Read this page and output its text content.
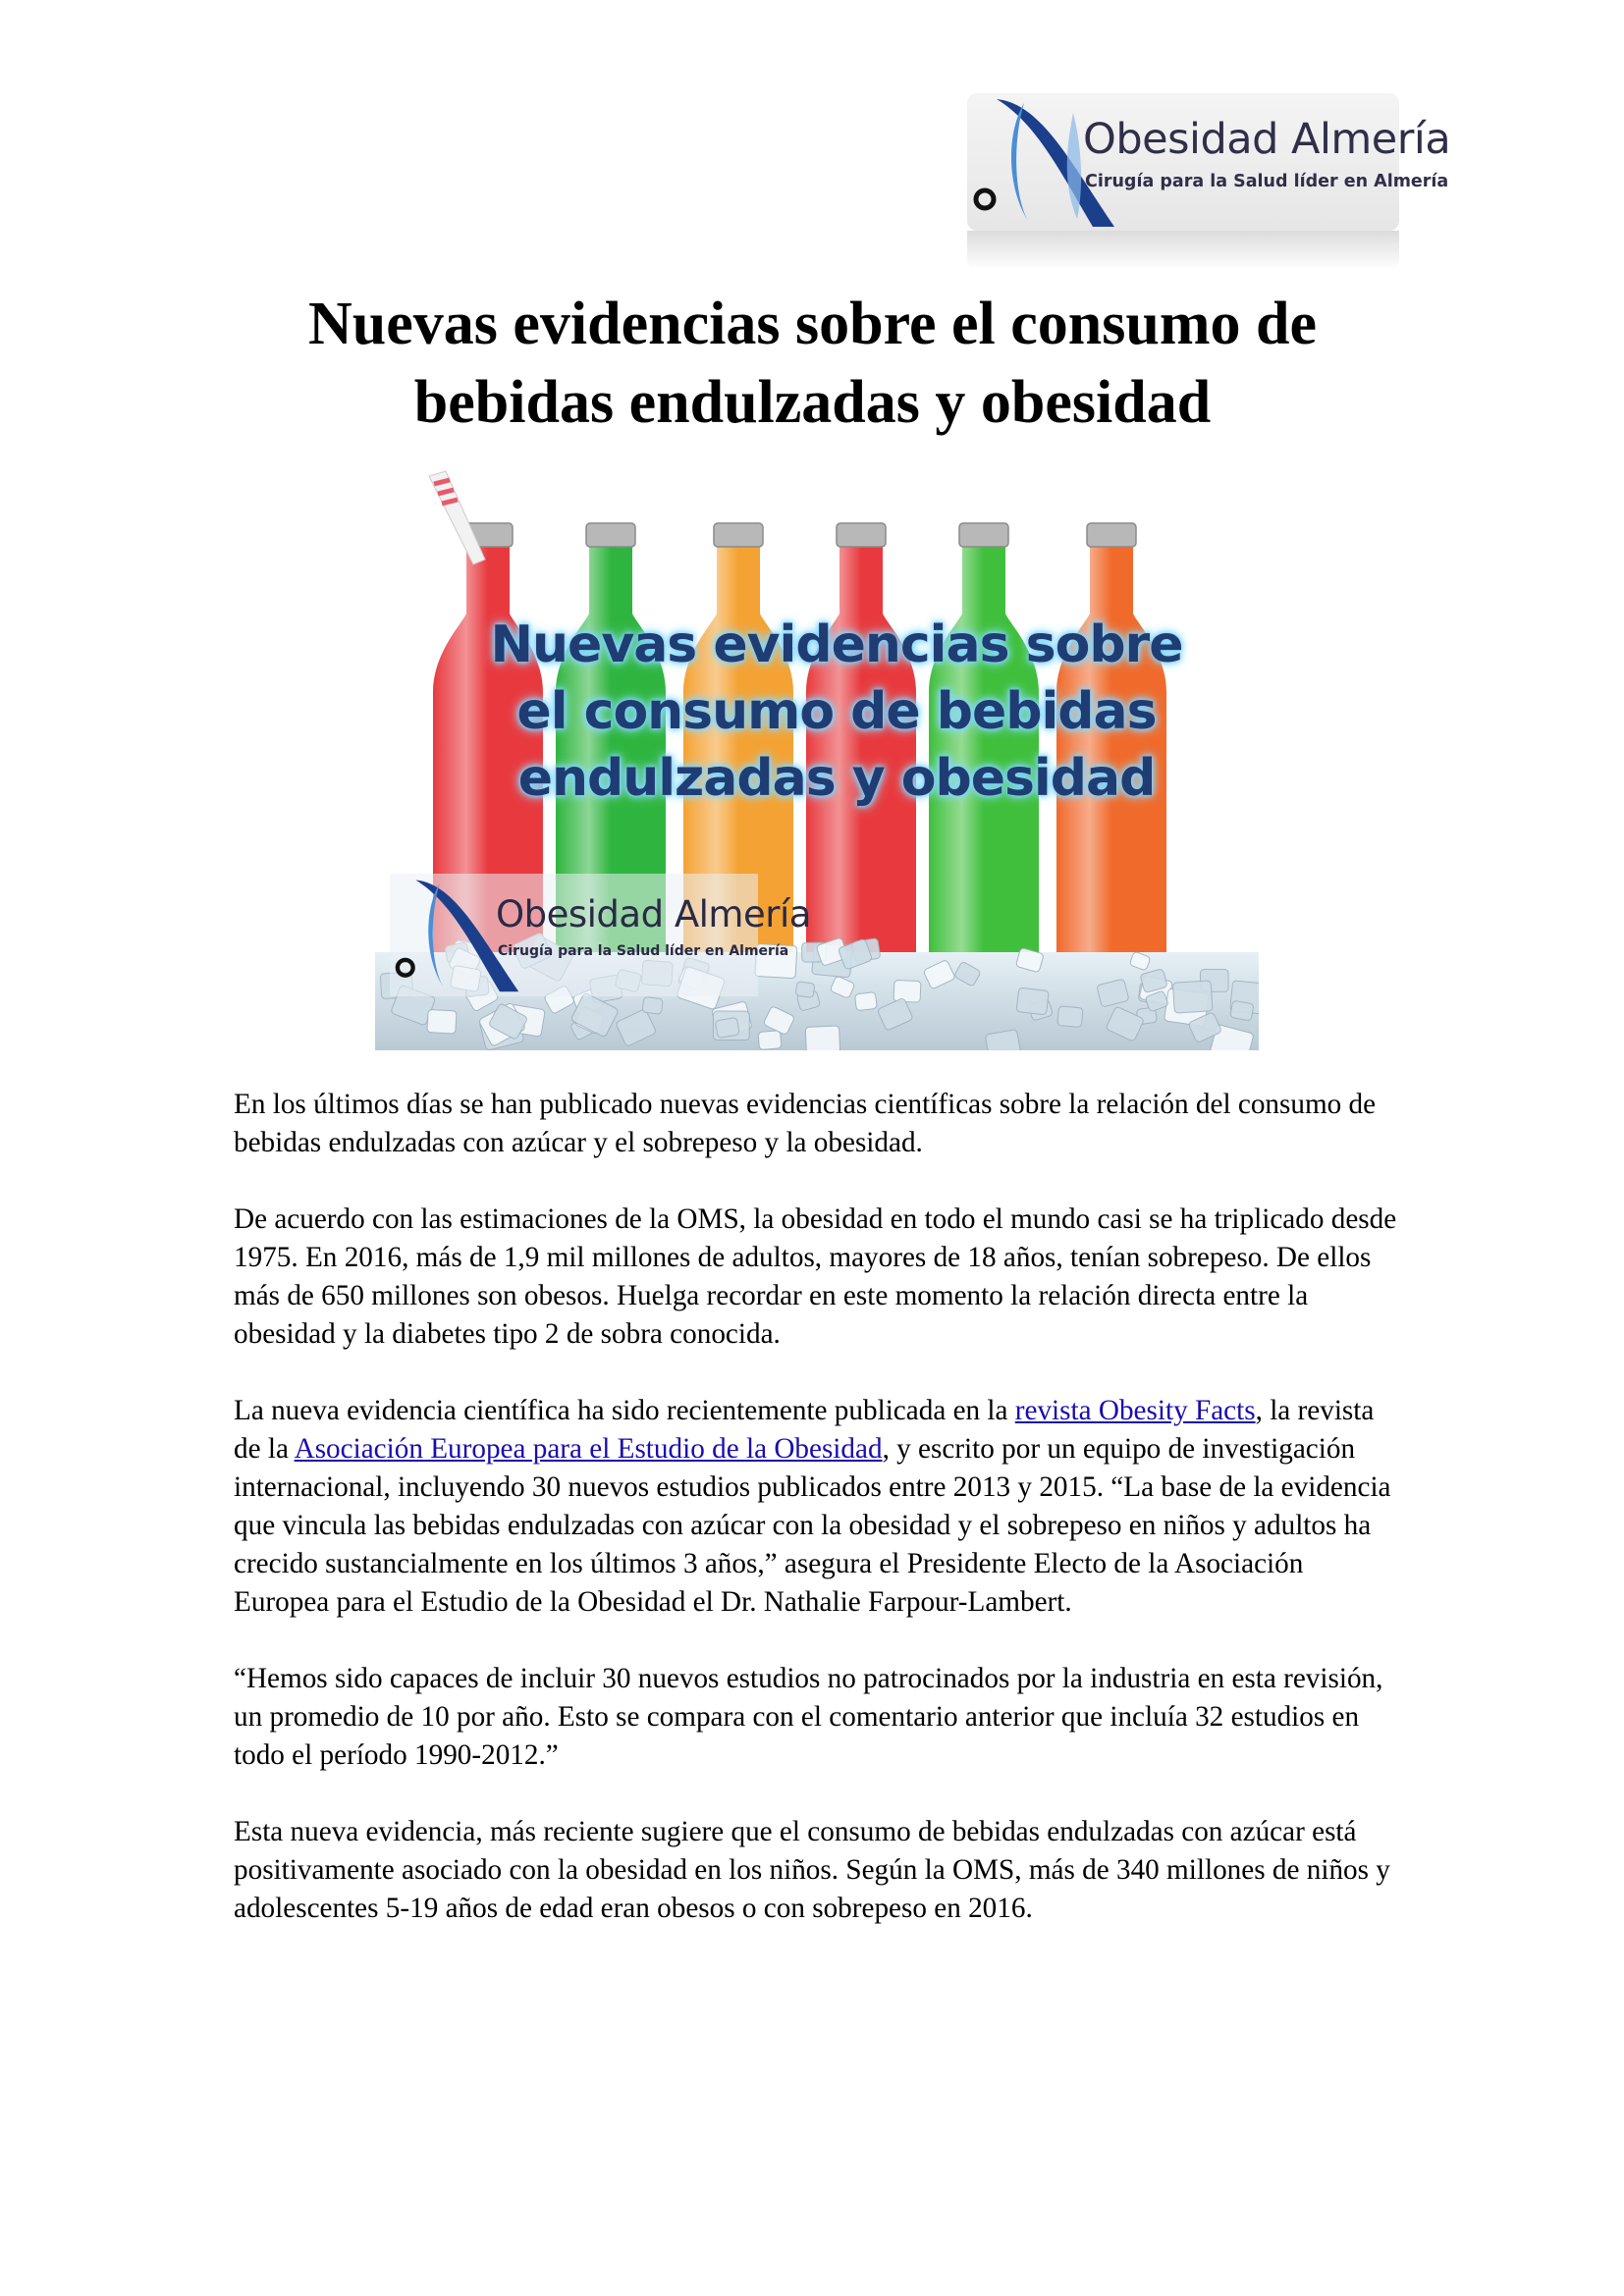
Obesidad Almería
Cirugía para la Salud líder en Almería
Nuevas evidencias sobre el consumo de bebidas endulzadas y obesidad
Nuevas evidencias sobre
el consumo de bebidas
endulzadas y obesidad
Obesidad Almería
Cirugía para la Salud líder en Almería

En los últimos días se han publicado nuevas evidencias científicas sobre la relación del consumo de bebidas endulzadas con azúcar y el sobrepeso y la obesidad.

De acuerdo con las estimaciones de la OMS, la obesidad en todo el mundo casi se ha triplicado desde 1975. En 2016, más de 1,9 mil millones de adultos, mayores de 18 años, tenían sobrepeso. De ellos más de 650 millones son obesos. Huelga recordar en este momento la relación directa entre la obesidad y la diabetes tipo 2 de sobra conocida.

La nueva evidencia científica ha sido recientemente publicada en la revista Obesity Facts, la revista de la Asociación Europea para el Estudio de la Obesidad, y escrito por un equipo de investigación internacional, incluyendo 30 nuevos estudios publicados entre 2013 y 2015. “La base de la evidencia que vincula las bebidas endulzadas con azúcar con la obesidad y el sobrepeso en niños y adultos ha crecido sustancialmente en los últimos 3 años,” asegura el Presidente Electo de la Asociación Europea para el Estudio de la Obesidad el Dr. Nathalie Farpour-Lambert.

“Hemos sido capaces de incluir 30 nuevos estudios no patrocinados por la industria en esta revisión, un promedio de 10 por año. Esto se compara con el comentario anterior que incluía 32 estudios en todo el período 1990-2012.”

Esta nueva evidencia, más reciente sugiere que el consumo de bebidas endulzadas con azúcar está positivamente asociado con la obesidad en los niños. Según la OMS, más de 340 millones de niños y adolescentes 5-19 años de edad eran obesos o con sobrepeso en 2016.
